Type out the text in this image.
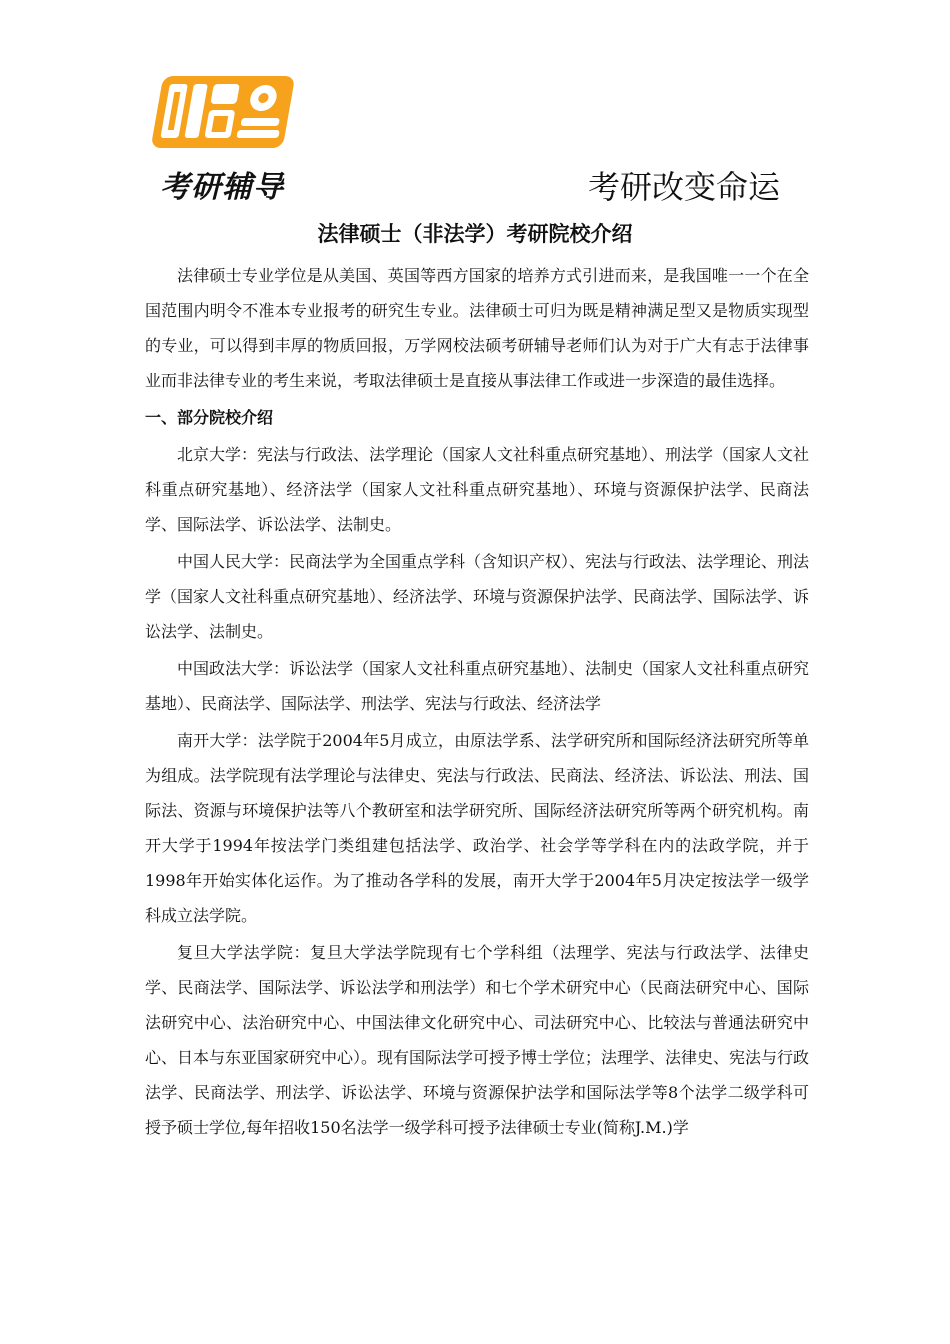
考研辅导	考研改变命运
法律硕士（非法学）考研院校介绍

法律硕士专业学位是从美国、英国等西方国家的培养方式引进而来，是我国唯一一个在全国范围内明令不准本专业报考的研究生专业。法律硕士可归为既是精神满足型又是物质实现型的专业，可以得到丰厚的物质回报，万学网校法硕考研辅导老师们认为对于广大有志于法律事业而非法律专业的考生来说，考取法律硕士是直接从事法律工作或进一步深造的最佳选择。

一、部分院校介绍

北京大学：宪法与行政法、法学理论（国家人文社科重点研究基地）、刑法学（国家人文社科重点研究基地）、经济法学（国家人文社科重点研究基地）、环境与资源保护法学、民商法学、国际法学、诉讼法学、法制史。

中国人民大学：民商法学为全国重点学科（含知识产权）、宪法与行政法、法学理论、刑法学（国家人文社科重点研究基地）、经济法学、环境与资源保护法学、民商法学、国际法学、诉讼法学、法制史。

中国政法大学：诉讼法学（国家人文社科重点研究基地）、法制史（国家人文社科重点研究基地）、民商法学、国际法学、刑法学、宪法与行政法、经济法学

南开大学：法学院于2004年5月成立，由原法学系、法学研究所和国际经济法研究所等单为组成。法学院现有法学理论与法律史、宪法与行政法、民商法、经济法、诉讼法、刑法、国际法、资源与环境保护法等八个教研室和法学研究所、国际经济法研究所等两个研究机构。南开大学于1994年按法学门类组建包括法学、政治学、社会学等学科在内的法政学院，并于1998年开始实体化运作。为了推动各学科的发展，南开大学于2004年5月决定按法学一级学科成立法学院。

复旦大学法学院：复旦大学法学院现有七个学科组（法理学、宪法与行政法学、法律史学、民商法学、国际法学、诉讼法学和刑法学）和七个学术研究中心（民商法研究中心、国际法研究中心、法治研究中心、中国法律文化研究中心、司法研究中心、比较法与普通法研究中心、日本与东亚国家研究中心）。现有国际法学可授予博士学位；法理学、法律史、宪法与行政法学、民商法学、刑法学、诉讼法学、环境与资源保护法学和国际法学等8个法学二级学科可授予硕士学位,每年招收150名法学一级学科可授予法律硕士专业(简称J.M.)学
